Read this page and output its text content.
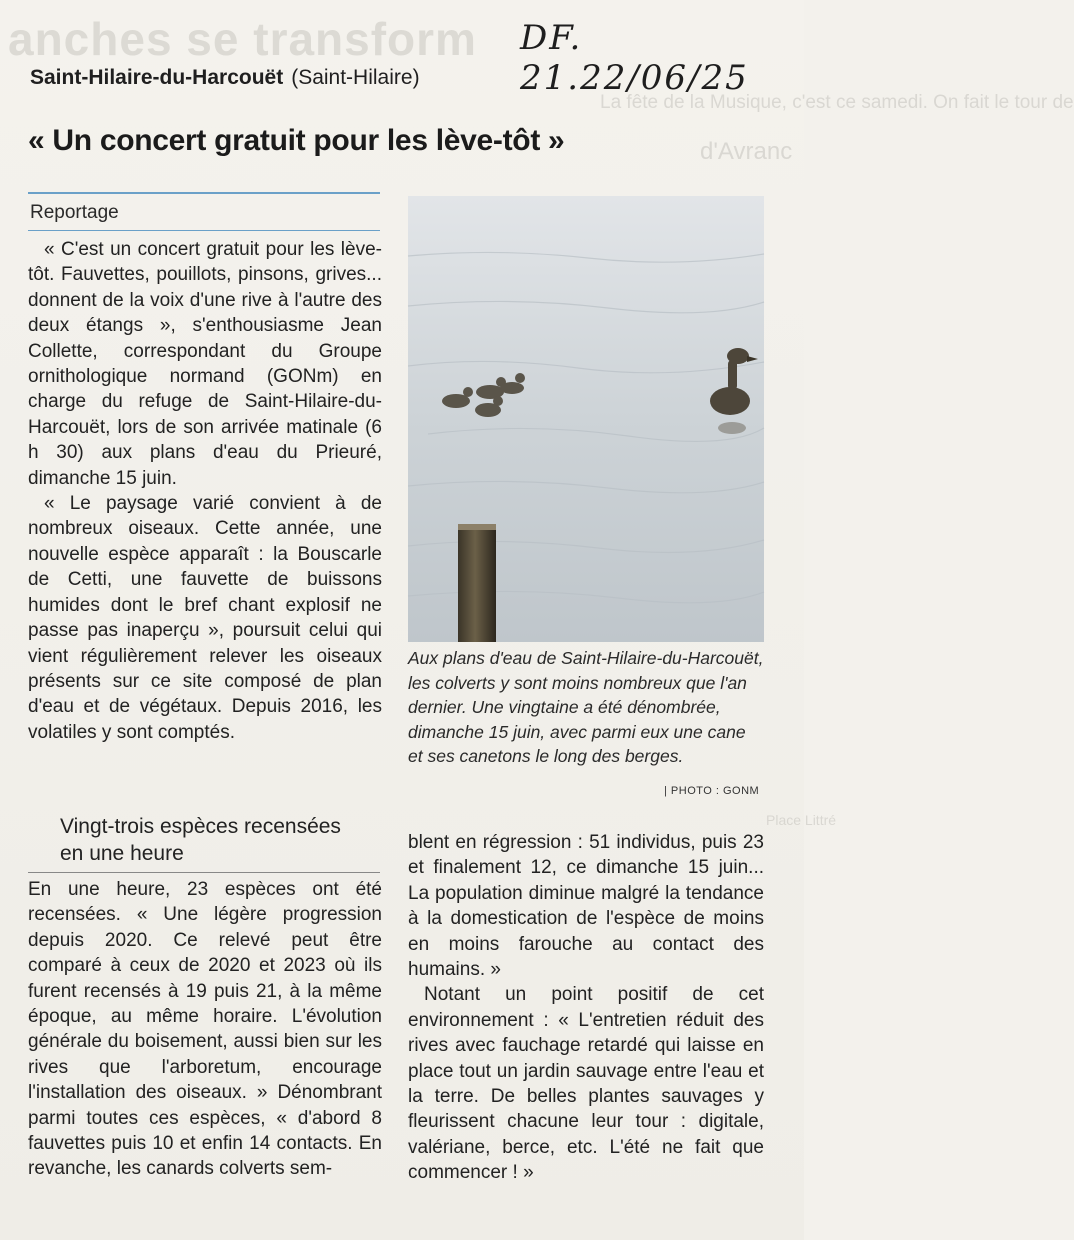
anches se transform
La fête de la Musique, c'est ce samedi. On fait le tour de
d'Avranc
Place Littré
DF. 21.22/06/25
Saint-Hilaire-du-Harcouët (Saint-Hilaire)
« Un concert gratuit pour les lève-tôt »
Reportage

« C'est un concert gratuit pour les lève-tôt. Fauvettes, pouillots, pinsons, grives... donnent de la voix d'une rive à l'autre des deux étangs », s'enthousiasme Jean Collette, correspondant du Groupe ornithologique normand (GONm) en charge du refuge de Saint-Hilaire-du-Harcouët, lors de son arrivée matinale (6 h 30) aux plans d'eau du Prieuré, dimanche 15 juin.

« Le paysage varié convient à de nombreux oiseaux. Cette année, une nouvelle espèce apparaît : la Bouscarle de Cetti, une fauvette de buissons humides dont le bref chant explosif ne passe pas inaperçu », poursuit celui qui vient régulièrement relever les oiseaux présents sur ce site composé de plan d'eau et de végétaux. Depuis 2016, les volatiles y sont comptés.

Vingt-trois espèces recensées en une heure

En une heure, 23 espèces ont été recensées. « Une légère progression depuis 2020. Ce relevé peut être comparé à ceux de 2020 et 2023 où ils furent recensés à 19 puis 21, à la même époque, au même horaire. L'évolution générale du boisement, aussi bien sur les rives que l'arboretum, encourage l'installation des oiseaux. » Dénombrant parmi toutes ces espèces, « d'abord 8 fauvettes puis 10 et enfin 14 contacts. En revanche, les canards colverts sem-

Aux plans d'eau de Saint-Hilaire-du-Harcouët, les colverts y sont moins nombreux que l'an dernier. Une vingtaine a été dénombrée, dimanche 15 juin, avec parmi eux une cane et ses canetons le long des berges.
| PHOTO : GONM

blent en régression : 51 individus, puis 23 et finalement 12, ce dimanche 15 juin... La population diminue malgré la tendance à la domestication de l'espèce de moins en moins farouche au contact des humains. »

Notant un point positif de cet environnement : « L'entretien réduit des rives avec fauchage retardé qui laisse en place tout un jardin sauvage entre l'eau et la terre. De belles plantes sauvages y fleurissent chacune leur tour : digitale, valériane, berce, etc. L'été ne fait que commencer ! »
